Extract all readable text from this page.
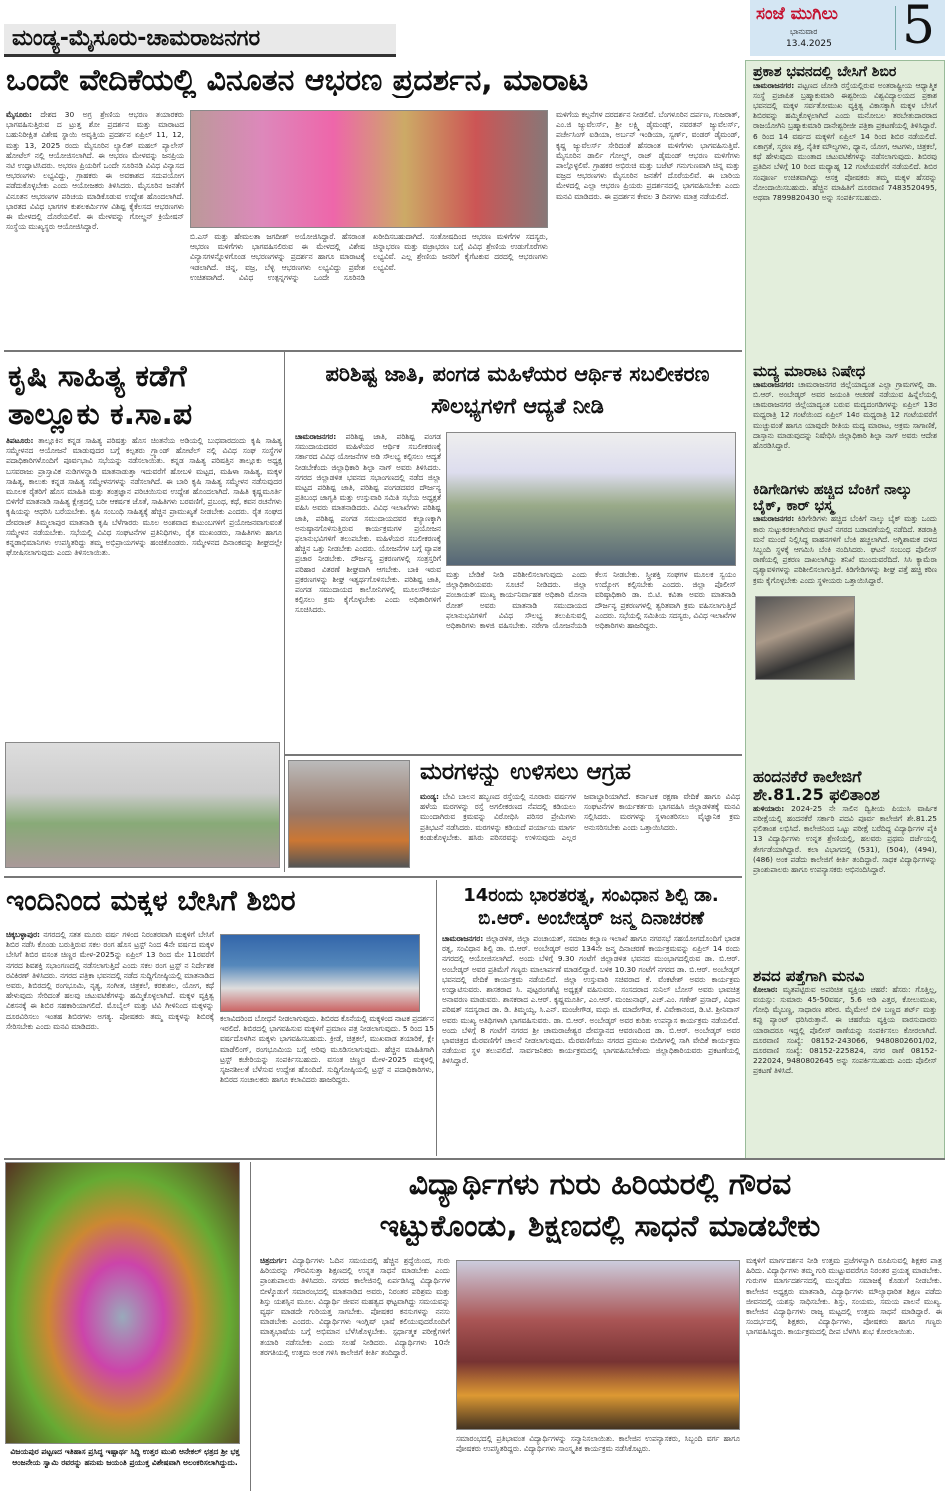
ಮಂಡ್ಯ-ಮೈಸೂರು-ಚಾಮರಾಜನಗರ
ಸಂಜೆ ಮುಗಿಲು
ಭಾನುವಾರ
13.4.2025 5
ಒಂದೇ ವೇದಿಕೆಯಲ್ಲಿ ವಿನೂತನ ಆಭರಣ ಪ್ರದರ್ಶನ, ಮಾರಾಟ
ಮೈಸೂರು: ದೇಶದ 30 ಅಗ್ರ ಶ್ರೇಣಿಯ ಆಭರಣ ತಯಾರಕರು ಭಾಗವಹಿಸುತ್ತಿರುವ ದ ಟ್ರುತ್ತ ಶೋ ಪ್ರದರ್ಶನ ಮತ್ತು ಮಾರಾಟದ ಬಹುನಿರೀಕ್ಷಿತ ವಿಶೇಷ ಸ್ಥಾಯಿ ಅವೃತ್ತಿಯ ಪ್ರದರ್ಶನ ಏಪ್ರಿಲ್ 11, 12, ಮತ್ತು 13, 2025 ರಂದು ಮೈಸೂರಿನ ಲ್ಯಾಲಿತ್ ಮಹಲ್ ಪ್ಯಾಲೇಸ್ ಹೋಟೆಲ್ ನಲ್ಲಿ ಆಯೋಜಿಸಲಾಗಿದೆ. ಈ ಆಭರಣ ಮೇಳವನ್ನು ಜನಪ್ರಿಯ ನಟಿ ಉದ್ಘಾಟಿಸಿದರು. ಅಭರಣ ಪ್ರಿಯರಿಗೆ ಒಂದೇ ಸೂರಿನಡಿ ವಿವಿಧ ವಿನ್ಯಾಸದ ಆಭರಣಗಳು ಲಭ್ಯವಿದ್ದು, ಗ್ರಾಹಕರು ಈ ಅವಕಾಶದ ಸದುಪಯೋಗ ಪಡೆದುಕೊಳ್ಳಬೇಕು ಎಂದು ಆಯೋಜಕರು ತಿಳಿಸಿದರು. ಮೈಸೂರಿನ ಜನತೆಗೆ ವಿನೂತನ ಆಭರಣಗಳ ಪರಿಚಯ ಮಾಡಿಕೊಡುವ ಉದ್ದೇಶ ಹೊಂದಲಾಗಿದೆ. ಭಾರತದ ವಿವಿಧ ಭಾಗಗಳ ಕುಶಲಕರ್ಮಿಗಳ ವಿಶಿಷ್ಟ ಕೈಕೆಲಸದ ಆಭರಣಗಳು ಈ ಮೇಳದಲ್ಲಿ ದೊರೆಯಲಿವೆ. ಈ ಮೇಳವನ್ನು ಗೋಲ್ಡನ್ ಕ್ರಿಯೇಷನ್ ಸಂಸ್ಥೆಯ ಮುಖ್ಯಸ್ಥರು ಆಯೋಜಿಸಿದ್ದಾರೆ.
ಬಿ.ಎಸ್ ಮತ್ತು ಹೇಮಲತಾ ಜಗದೀಶ್ ಅಯೋಜಿಸಿದ್ದಾರೆ. ಹೆಸರಾಂತ ಆಭರಣ ಮಳಿಗೆಗಳು ಭಾಗವಹಿಸಲಿರುವ ಈ ಮೇಳದಲ್ಲಿ ವಿಶೇಷ ವಿನ್ಯಾಸಗಳನ್ನೊಳಗೊಂಡ ಆಭರಣಗಳನ್ನು ಪ್ರದರ್ಶನ ಹಾಗೂ ಮಾರಾಟಕ್ಕೆ ಇಡಲಾಗಿದೆ. ಚಿನ್ನ, ವಜ್ರ, ಬೆಳ್ಳಿ ಆಭರಣಗಳು ಲಭ್ಯವಿದ್ದು ಪ್ರವೇಶ ಉಚಿತವಾಗಿದೆ. ವಿವಿಧ ಉತ್ಪನ್ನಗಳನ್ನು ಒಂದೇ ಸೂರಿನಡಿ ಖರೀದಿಸಬಹುದಾಗಿದೆ. ಸಂತೋಷದಿಂದ ಆಭರಣ ಮಳಿಗೆಗಳ ಸದಸ್ಯರು, ಚಿನ್ನಾಭರಣ ಮತ್ತು ವಜ್ರಾಭರಣ ಬಗ್ಗೆ ವಿವಿಧ ಶ್ರೇಣಿಯ ಉಡುಗೊರೆಗಳು ಲಭ್ಯವಿವೆ. ಎಲ್ಲ ಶ್ರೇಣಿಯ ಜನರಿಗೆ ಕೈಗೆಟಕುವ ದರದಲ್ಲಿ ಆಭರಣಗಳು ಲಭ್ಯವಿವೆ.
ಮಳಿಗೆಯ ಕಲ್ಪನೆಗಳ ದರದರ್ಶನ ನೀಡಲಿವೆ. ಬೆಂಗಳೂರಿನ ದರ್ಪಣ, ಗುಜರಾತ್, ಎಂ.ಜಿ ಜ್ಯುವೆಲರ್ಸ್, ಶ್ರೀ ಲಕ್ಷ್ಮಿ ಡೈಮಂಡ್ಸ್, ನವರತನ್ ಜ್ಯುವೆಲರ್ಸ್, ಪರ್ಚೇಸಿಂಗ್ ಐಡಿಯಾ, ಅರ್ಬನ್ ಇಂಡಿಯಾ, ಸ್ವರ್ಣ್, ವಂಡರ್ ಡೈಮಂಡ್, ಕೃಷ್ಣ ಜ್ಯುವೆಲರ್ಸ್ ಸೇರಿದಂತೆ ಹೆಸರಾಂತ ಮಳಿಗೆಗಳು ಭಾಗವಹಿಸುತ್ತಿವೆ. ಮೈಸೂರಿನ ಡಾರ್ಲಿ ಗೋಲ್ಡ್, ರಾಜ್ ಡೈಮಂಡ್ ಆಭರಣ ಮಳಿಗೆಗಳು ಪಾಲ್ಗೊಳ್ಳಲಿವೆ. ಗ್ರಾಹಕರ ಅಭಿರುಚಿ ಮತ್ತು ಬಜೆಟ್ ಗನುಗುಣವಾಗಿ ಚಿನ್ನ ಮತ್ತು ವಜ್ರದ ಆಭರಣಗಳು ಮೈಸೂರಿನ ಜನತೆಗೆ ದೊರೆಯಲಿವೆ. ಈ ಬಾರಿಯ ಮೇಳದಲ್ಲಿ ಎಲ್ಲಾ ಆಭರಣ ಪ್ರಿಯರು ಪ್ರದರ್ಶನದಲ್ಲಿ ಭಾಗವಹಿಸಬೇಕು ಎಂದು ಮನವಿ ಮಾಡಿದರು. ಈ ಪ್ರದರ್ಶನ ಕೇವಲ 3 ದಿನಗಳು ಮಾತ್ರ ನಡೆಯಲಿದೆ.
ಪ್ರಕಾಶ ಭವನದಲ್ಲಿ ಬೇಸಿಗೆ ಶಿಬಿರ
ಚಾಮರಾಜನಗರ: ಪಟ್ಟಣದ ಜೋಡಿ ರಸ್ತೆಯಲ್ಲಿರುವ ಅಂತರಾಷ್ಟ್ರೀಯ ಆಧ್ಯಾತ್ಮಿಕ ಸಂಸ್ಥೆ ಪ್ರಜಾಪಿತ ಬ್ರಹ್ಮಾಕುಮಾರಿ ಈಶ್ವರೀಯ ವಿಶ್ವವಿದ್ಯಾಲಯದ ಪ್ರಕಾಶ ಭವನದಲ್ಲಿ ಮಕ್ಕಳ ಸರ್ವತೋಮುಖ ವ್ಯಕ್ತಿತ್ವ ವಿಕಾಸಕ್ಕಾಗಿ ಮಕ್ಕಳ ಬೇಸಿಗೆ ಶಿಬಿರವನ್ನು ಹಮ್ಮಿಕೊಳ್ಳಲಾಗಿದೆ ಎಂದು ಮನೋಬಲ ತರಬೇತುದಾರರಾದ ರಾಜಯೋಗಿನಿ ಬ್ರಹ್ಮಾಕುಮಾರಿ ದಾನೇಶ್ವರೀಜೀ ಪತ್ರಿಕಾ ಪ್ರಕಟಣೆಯಲ್ಲಿ ತಿಳಿಸಿದ್ದಾರೆ. 6 ರಿಂದ 14 ವರ್ಷದ ಮಕ್ಕಳಿಗೆ ಏಪ್ರಿಲ್ 14 ರಿಂದ ಶಿಬಿರ ನಡೆಯಲಿದೆ. ಏಕಾಗ್ರತೆ, ಸ್ಮರಣ ಶಕ್ತಿ, ನೈತಿಕ ಮೌಲ್ಯಗಳು, ಧ್ಯಾನ, ಯೋಗ, ಆಟಗಳು, ಚಿತ್ರಕಲೆ, ಕಥೆ ಹೇಳುವುದು ಮುಂತಾದ ಚಟುವಟಿಕೆಗಳನ್ನು ನಡೆಸಲಾಗುವುದು. ಶಿಬಿರವು ಪ್ರತಿದಿನ ಬೆಳಿಗ್ಗೆ 10 ರಿಂದ ಮಧ್ಯಾಹ್ನ 12 ಗಂಟೆಯವರೆಗೆ ನಡೆಯಲಿದೆ. ಶಿಬಿರ ಸಂಪೂರ್ಣ ಉಚಿತವಾಗಿದ್ದು ಆಸಕ್ತ ಪೋಷಕರು ತಮ್ಮ ಮಕ್ಕಳ ಹೆಸರನ್ನು ನೋಂದಾಯಿಸಬಹುದು. ಹೆಚ್ಚಿನ ಮಾಹಿತಿಗೆ ದೂರವಾಣಿ 7483520495, ಅಥವಾ 7899820430 ಅನ್ನು ಸಂಪರ್ಕಿಸಬಹುದು.
ಮದ್ಯ ಮಾರಾಟ ನಿಷೇಧ
ಚಾಮರಾಜನಗರ: ಚಾಮರಾಜನಗರ ಜಿಲ್ಲೆಯಾದ್ಯಂತ ಎಲ್ಲಾ ಗ್ರಾಮಗಳಲ್ಲಿ ಡಾ. ಬಿ.ಆರ್. ಅಂಬೇಡ್ಕರ್ ಅವರ ಜಯಂತಿ ಆಚರಣೆ ನಡೆಯುವ ಹಿನ್ನೆಲೆಯಲ್ಲಿ ಚಾಮರಾಜನಗರ ಜಿಲ್ಲೆಯಾದ್ಯಂತ ಬರುವ ಮದ್ಯದಂಗಡಿಗಳನ್ನು ಏಪ್ರಿಲ್ 13ರ ಮಧ್ಯರಾತ್ರಿ 12 ಗಂಟೆಯಿಂದ ಏಪ್ರಿಲ್ 14ರ ಮಧ್ಯರಾತ್ರಿ 12 ಗಂಟೆಯವರೆಗೆ ಮುಚ್ಚುವಂತೆ ಹಾಗೂ ಯಾವುದೇ ರೀತಿಯ ಮದ್ಯ ಮಾರಾಟ, ಅಕ್ರಮ ಸಾಗಾಣಿಕೆ, ದಾಸ್ತಾನು ಮಾಡುವುದನ್ನು ನಿಷೇಧಿಸಿ ಜಿಲ್ಲಾಧಿಕಾರಿ ಶಿಲ್ಪಾ ನಾಗ್ ಅವರು ಆದೇಶ ಹೊರಡಿಸಿದ್ದಾರೆ.
ಕಿಡಿಗೇಡಿಗಳು ಹಚ್ಚಿದ ಬೆಂಕಿಗೆ ನಾಲ್ಕು ಬೈಕ್, ಕಾರ್ ಭಸ್ಮ
ಚಾಮರಾಜನಗರ: ಕಿಡಿಗೇಡಿಗಳು ಹಚ್ಚಿದ ಬೆಂಕಿಗೆ ನಾಲ್ಕು ಬೈಕ್ ಮತ್ತು ಒಂದು ಕಾರು ಸುಟ್ಟುಕರಕಲಾಗಿರುವ ಘಟನೆ ನಗರದ ಬಡಾವಣೆಯಲ್ಲಿ ನಡೆದಿದೆ. ತಡರಾತ್ರಿ ಮನೆ ಮುಂದೆ ನಿಲ್ಲಿಸಿದ್ದ ವಾಹನಗಳಿಗೆ ಬೆಂಕಿ ಹಚ್ಚಲಾಗಿದೆ. ಅಗ್ನಿಶಾಮಕ ದಳದ ಸಿಬ್ಬಂದಿ ಸ್ಥಳಕ್ಕೆ ಆಗಮಿಸಿ ಬೆಂಕಿ ನಂದಿಸಿದರು. ಘಟನೆ ಸಂಬಂಧ ಪೊಲೀಸ್ ಠಾಣೆಯಲ್ಲಿ ಪ್ರಕರಣ ದಾಖಲಾಗಿದ್ದು ತನಿಖೆ ಮುಂದುವರೆದಿದೆ. ಸಿಸಿ ಕ್ಯಾಮೆರಾ ದೃಶ್ಯಾವಳಿಗಳನ್ನು ಪರಿಶೀಲಿಸಲಾಗುತ್ತಿದೆ. ಕಿಡಿಗೇಡಿಗಳನ್ನು ಶೀಘ್ರ ಪತ್ತೆ ಹಚ್ಚಿ ಕಠಿಣ ಕ್ರಮ ಕೈಗೊಳ್ಳಬೇಕು ಎಂದು ಸ್ಥಳೀಯರು ಒತ್ತಾಯಿಸಿದ್ದಾರೆ.
ಹಂದನಕೆರೆ ಕಾಲೇಜಿಗೆ ಶೇ.81.25 ಫಲಿತಾಂಶ
ಹುಳಿಯಾರು: 2024-25 ನೇ ಸಾಲಿನ ದ್ವಿತೀಯ ಪಿಯುಸಿ ವಾರ್ಷಿಕ ಪರೀಕ್ಷೆಯಲ್ಲಿ ಹಂದನಕೆರೆ ಸರ್ಕಾರಿ ಪದವಿ ಪೂರ್ವ ಕಾಲೇಜಿಗೆ ಶೇ.81.25 ಫಲಿತಾಂಶ ಲಭಿಸಿದೆ. ಕಾಲೇಜಿನಿಂದ ಒಟ್ಟು ಪರೀಕ್ಷೆ ಬರೆದಿದ್ದ ವಿದ್ಯಾರ್ಥಿಗಳ ಪೈಕಿ 13 ವಿದ್ಯಾರ್ಥಿಗಳು ಉನ್ನತ ಶ್ರೇಣಿಯಲ್ಲಿ, ಹಲವರು ಪ್ರಥಮ ದರ್ಜೆಯಲ್ಲಿ ತೇರ್ಗಡೆಯಾಗಿದ್ದಾರೆ. ಕಲಾ ವಿಭಾಗದಲ್ಲಿ (531), (504), (494), (486) ಅಂಕ ಪಡೆದು ಕಾಲೇಜಿಗೆ ಕೀರ್ತಿ ತಂದಿದ್ದಾರೆ. ಸಾಧಕ ವಿದ್ಯಾರ್ಥಿಗಳನ್ನು ಪ್ರಾಂಶುಪಾಲರು ಹಾಗೂ ಉಪನ್ಯಾಸಕರು ಅಭಿನಂದಿಸಿದ್ದಾರೆ.
ಶವದ ಪತ್ತೆಗಾಗಿ ಮನವಿ
ಕೋಲಾರ: ಮೃತಪಟ್ಟಿರುವ ಅಪರಿಚಿತ ವ್ಯಕ್ತಿಯ ಚಹರೆ: ಹೆಸರು: ಗೊತ್ತಿಲ್ಲ, ವಯಸ್ಸು: ಸುಮಾರು 45-50ವರ್ಷ, 5.6 ಅಡಿ ಎತ್ತರ, ಕೋಲುಮುಖ, ಗೋಧಿ ಮೈಬಣ್ಣ, ಸಾಧಾರಣ ಶರೀರ. ಮೈಮೇಲೆ ಬಿಳಿ ಬಣ್ಣದ ಶರ್ಟ್ ಮತ್ತು ಕಪ್ಪು ಪ್ಯಾಂಟ್ ಧರಿಸಿರುತ್ತಾನೆ. ಈ ಚಹರೆಯ ವ್ಯಕ್ತಿಯ ವಾರಸುದಾರರು ಯಾರಾದರೂ ಇದ್ದಲ್ಲಿ ಪೊಲೀಸ್ ಠಾಣೆಯನ್ನು ಸಂಪರ್ಕಿಸಲು ಕೋರಲಾಗಿದೆ. ದೂರವಾಣಿ ಸಂಖ್ಯೆ: 08152-243066, 9480802601/02, ದೂರವಾಣಿ ಸಂಖ್ಯೆ: 08152-225824, ನಗರ ಠಾಣೆ 08152-222024, 9480802645 ಅನ್ನು ಸಂಪರ್ಕಿಸಬಹುದು ಎಂದು ಪೊಲೀಸ್ ಪ್ರಕಟಣೆ ತಿಳಿಸಿದೆ.
ಕೃಷಿ ಸಾಹಿತ್ಯ ಕಡೆಗೆ ತಾಲ್ಲೂಕು ಕ.ಸಾ.ಪ
ತಿಪಟೂರು: ತಾಲ್ಲೂಕಿನ ಕನ್ನಡ ಸಾಹಿತ್ಯ ಪರಿಷತ್ತು ಹೊಸ ಚಿಂತನೆಯ ಅಡಿಯಲ್ಲಿ ಬುಧವಾರದಂದು ಕೃಷಿ ಸಾಹಿತ್ಯ ಸಮ್ಮೇಳನದ ಆಯೋಜನೆ ಮಾಡುವುದರ ಬಗ್ಗೆ ಕಲ್ಪತರು ಗ್ರ್ಯಾಂಡ್ ಹೋಟೆಲ್ ನಲ್ಲಿ ವಿವಿಧ ಸಂಘ ಸಂಸ್ಥೆಗಳ ಪದಾಧಿಕಾರಿಗಳೊಂದಿಗೆ ಪೂರ್ವಭಾವಿ ಸಭೆಯನ್ನು ನಡೆಸಲಾಯಿತು. ಕನ್ನಡ ಸಾಹಿತ್ಯ ಪರಿಷತ್ತಿನ ತಾಲ್ಲೂಕು ಅಧ್ಯಕ್ಷ ಬಸವರಾಜು ಪ್ರಾಸ್ತಾವಿಕ ನುಡಿಗಳನ್ನಾಡಿ ಮಾತನಾಡುತ್ತಾ ಇದುವರೆಗೆ ಹೋಬಳಿ ಮಟ್ಟದ, ಮಹಿಳಾ ಸಾಹಿತ್ಯ, ಮಕ್ಕಳ ಸಾಹಿತ್ಯ, ಕಾಲುಕು ಕನ್ನಡ ಸಾಹಿತ್ಯ ಸಮ್ಮೇಳನಗಳನ್ನು ನಡೆಸಲಾಗಿದೆ. ಈ ಬಾರಿ ಕೃಷಿ ಸಾಹಿತ್ಯ ಸಮ್ಮೇಳನ ನಡೆಸುವುದರ ಮೂಲಕ ರೈತರಿಗೆ ಹೊಸ ಮಾಹಿತಿ ಮತ್ತು ತಂತ್ರಜ್ಞಾನ ಪರಿಚಯಿಸುವ ಉದ್ದೇಶ ಹೊಂದಲಾಗಿದೆ. ಸಾಹಿತಿ ಕೃಷ್ಣಮೂರ್ತಿ ಬಿಳಿಗೆರೆ ಮಾತನಾಡಿ ಸಾಹಿತ್ಯ ಕ್ಷೇತ್ರದಲ್ಲಿ ಬರೀ ಆಕರ್ಷಕ ಜೊತೆ, ಸಾಹಿತಿಗಳು ಬರವಣಿಗೆ, ಪ್ರಬಂಧ, ಕಥೆ, ಕವನ ರಚನೆಗಳು ಕೃಷಿಯನ್ನು ಆಧರಿಸಿ ಬರೆಯಬೇಕು. ಕೃಷಿ ಸಂಬಂಧಿ ಸಾಹಿತ್ಯಕ್ಕೆ ಹೆಚ್ಚಿನ ಪ್ರಾಮುಖ್ಯತೆ ನೀಡಬೇಕು ಎಂದರು. ರೈತ ಸಂಘದ ದೇವರಾಜ್ ತಿಮ್ಮಲಾಪುರ ಮಾತನಾಡಿ ಕೃಷಿ ಬೆಳೆಗಾರರು ಮೂಲ ಅಂಶವಾದ ಕುಟುಂಬಗಳಿಗೆ ಪ್ರಯೋಜನವಾಗುವಂತೆ ಸಮ್ಮೇಳನ ನಡೆಯಬೇಕು. ಸಭೆಯಲ್ಲಿ ವಿವಿಧ ಸಂಘಟನೆಗಳ ಪ್ರತಿನಿಧಿಗಳು, ರೈತ ಮುಖಂಡರು, ಸಾಹಿತಿಗಳು ಹಾಗೂ ಕನ್ನಡಾಭಿಮಾನಿಗಳು ಉಪಸ್ಥಿತರಿದ್ದು ತಮ್ಮ ಅಭಿಪ್ರಾಯಗಳನ್ನು ಹಂಚಿಕೊಂಡರು. ಸಮ್ಮೇಳನದ ದಿನಾಂಕವನ್ನು ಶೀಘ್ರದಲ್ಲೇ ಘೋಷಿಸಲಾಗುವುದು ಎಂದು ತಿಳಿಸಲಾಯಿತು.
ಪರಿಶಿಷ್ಟ ಜಾತಿ, ಪಂಗಡ ಮಹಿಳೆಯರ ಆರ್ಥಿಕ ಸಬಲೀಕರಣ ಸೌಲಭ್ಯಗಳಿಗೆ ಆದ್ಯತೆ ನೀಡಿ
ಚಾಮರಾಜನಗರ: ಪರಿಶಿಷ್ಟ ಜಾತಿ, ಪರಿಶಿಷ್ಟ ಪಂಗಡ ಸಮುದಾಯದವರ ಮಹಿಳೆಯರ ಆರ್ಥಿಕ ಸಬಲೀಕರಣಕ್ಕೆ ಸರ್ಕಾರದ ವಿವಿಧ ಯೋಜನೆಗಳ ಅಡಿ ಸೌಲಭ್ಯ ಕಲ್ಪಿಸಲು ಆದ್ಯತೆ ನೀಡಬೇಕೆಂದು ಜಿಲ್ಲಾಧಿಕಾರಿ ಶಿಲ್ಪಾ ನಾಗ್ ಅವರು ತಿಳಿಸಿದರು. ನಗರದ ಜಿಲ್ಲಾಡಳಿತ ಭವನದ ಸಭಾಂಗಣದಲ್ಲಿ ನಡೆದ ಜಿಲ್ಲಾ ಮಟ್ಟದ ಪರಿಶಿಷ್ಟ ಜಾತಿ, ಪರಿಶಿಷ್ಟ ಪಂಗಡದವರ ದೌರ್ಜನ್ಯ ಪ್ರತಿಬಂಧ ಜಾಗೃತಿ ಮತ್ತು ಉಸ್ತುವಾರಿ ಸಮಿತಿ ಸಭೆಯ ಅಧ್ಯಕ್ಷತೆ ವಹಿಸಿ ಅವರು ಮಾತನಾಡಿದರು. ವಿವಿಧ ಇಲಾಖೆಗಳು ಪರಿಶಿಷ್ಟ ಜಾತಿ, ಪರಿಶಿಷ್ಟ ಪಂಗಡ ಸಮುದಾಯದವರ ಕಲ್ಯಾಣಕ್ಕಾಗಿ ಅನುಷ್ಠಾನಗೊಳಿಸುತ್ತಿರುವ ಕಾರ್ಯಕ್ರಮಗಳ ಪ್ರಯೋಜನ ಫಲಾನುಭವಿಗಳಿಗೆ ತಲುಪಬೇಕು. ಮಹಿಳೆಯರ ಸಬಲೀಕರಣಕ್ಕೆ ಹೆಚ್ಚಿನ ಒತ್ತು ನೀಡಬೇಕು ಎಂದರು. ಯೋಜನೆಗಳ ಬಗ್ಗೆ ವ್ಯಾಪಕ ಪ್ರಚಾರ ನೀಡಬೇಕು. ದೌರ್ಜನ್ಯ ಪ್ರಕರಣಗಳಲ್ಲಿ ಸಂತ್ರಸ್ತರಿಗೆ ಪರಿಹಾರ ವಿತರಣೆ ಶೀಘ್ರವಾಗಿ ಆಗಬೇಕು. ಬಾಕಿ ಇರುವ ಪ್ರಕರಣಗಳನ್ನು ಶೀಘ್ರ ಇತ್ಯರ್ಥಗೊಳಿಸಬೇಕು. ಪರಿಶಿಷ್ಟ ಜಾತಿ, ಪಂಗಡ ಸಮುದಾಯದ ಕಾಲೋನಿಗಳಲ್ಲಿ ಮೂಲಸೌಕರ್ಯ ಕಲ್ಪಿಸಲು ಕ್ರಮ ಕೈಗೊಳ್ಳಬೇಕು ಎಂದು ಅಧಿಕಾರಿಗಳಿಗೆ ಸೂಚಿಸಿದರು.
ಮತ್ತು ಬೇಡಿಕೆ ನೀಡಿ ಪರಿಶೀಲಿಸಲಾಗುವುದು ಎಂದು ಜಿಲ್ಲಾಧಿಕಾರಿಯವರು ಸೂಚನೆ ನೀಡಿದರು. ಜಿಲ್ಲಾ ಪಂಚಾಯತ್ ಮುಖ್ಯ ಕಾರ್ಯನಿರ್ವಾಹಕ ಅಧಿಕಾರಿ ಮೋನಾ ರೋತ್ ಅವರು ಮಾತನಾಡಿ ಸಮುದಾಯದ ಫಲಾನುಭವಿಗಳಿಗೆ ವಿವಿಧ ಸೌಲಭ್ಯ ತಲುಪಿಸುವಲ್ಲಿ ಅಧಿಕಾರಿಗಳು ಕಾಳಜಿ ವಹಿಸಬೇಕು. ನರೇಗಾ ಯೋಜನೆಯಡಿ ಕೆಲಸ ನೀಡಬೇಕು. ಸ್ತ್ರೀಶಕ್ತಿ ಸಂಘಗಳ ಮೂಲಕ ಸ್ವಯಂ ಉದ್ಯೋಗ ಕಲ್ಪಿಸಬೇಕು ಎಂದರು. ಜಿಲ್ಲಾ ಪೊಲೀಸ್ ವರಿಷ್ಠಾಧಿಕಾರಿ ಡಾ. ಬಿ.ಟಿ. ಕವಿತಾ ಅವರು ಮಾತನಾಡಿ ದೌರ್ಜನ್ಯ ಪ್ರಕರಣಗಳಲ್ಲಿ ತ್ವರಿತವಾಗಿ ಕ್ರಮ ವಹಿಸಲಾಗುತ್ತಿದೆ ಎಂದರು. ಸಭೆಯಲ್ಲಿ ಸಮಿತಿಯ ಸದಸ್ಯರು, ವಿವಿಧ ಇಲಾಖೆಗಳ ಅಧಿಕಾರಿಗಳು ಹಾಜರಿದ್ದರು.
ಮರಗಳನ್ನು ಉಳಿಸಲು ಆಗ್ರಹ
ಮಂಡ್ಯ: ಬೇವಿ ಬಾಲನ ಹಬ್ಬಣದ ರಸ್ತೆಯಲ್ಲಿ ನೂರಾರು ವರ್ಷಗಳ ಹಳೆಯ ಮರಗಳನ್ನು ರಸ್ತೆ ಅಗಲೀಕರಣದ ನೆಪದಲ್ಲಿ ಕಡಿಯಲು ಮುಂದಾಗಿರುವ ಕ್ರಮವನ್ನು ವಿರೋಧಿಸಿ ಪರಿಸರ ಪ್ರೇಮಿಗಳು ಪ್ರತಿಭಟನೆ ನಡೆಸಿದರು. ಮರಗಳನ್ನು ಕಡಿಯದೆ ಪರ್ಯಾಯ ಮಾರ್ಗ ಕಂಡುಕೊಳ್ಳಬೇಕು. ಹಸಿರು ಪರಿಸರವನ್ನು ಉಳಿಸುವುದು ಎಲ್ಲರ ಜವಾಬ್ದಾರಿಯಾಗಿದೆ. ಕರ್ನಾಟಕ ರಕ್ಷಣಾ ವೇದಿಕೆ ಹಾಗೂ ವಿವಿಧ ಸಂಘಟನೆಗಳ ಕಾರ್ಯಕರ್ತರು ಭಾಗವಹಿಸಿ ಜಿಲ್ಲಾಡಳಿತಕ್ಕೆ ಮನವಿ ಸಲ್ಲಿಸಿದರು. ಮರಗಳನ್ನು ಸ್ಥಳಾಂತರಿಸಲು ವೈಜ್ಞಾನಿಕ ಕ್ರಮ ಅನುಸರಿಸಬೇಕು ಎಂದು ಒತ್ತಾಯಿಸಿದರು.
ಇಂದಿನಿಂದ ಮಕ್ಕಳ ಬೇಸಿಗೆ ಶಿಬಿರ
ಚಿಕ್ಕಬಳ್ಳಾಪುರ: ನಗರದಲ್ಲಿ ಸತತ ಮೂರು ವರ್ಷ ಗಳಿಂದ ನಿರಂತರವಾಗಿ ಮಕ್ಕಳಿಗೆ ಬೇಸಿಗೆ ಶಿಬಿರ ನಡೆಸಿ ಕೊಂಡು ಬರುತ್ತಿರುವ ಸಕಲ ರಂಗ ಹೊಸ ಟ್ರಸ್ಟ್ ನಿಂದ 4ನೇ ವರ್ಷದ ಮಕ್ಕಳ ಬೇಸಿಗೆ ಶಿಬಿರ ವಸಂತ ಚಿಣ್ಣರ ಮೇಳ-2025ನ್ನು ಏಪ್ರಿಲ್ 13 ರಿಂದ ಮೇ 11ರವರೆಗೆ ನಗರದ ಶಿವಶಕ್ತಿ ಸಭಾಂಗಣದಲ್ಲಿ ನಡೆಸಲಾಗುತ್ತಿದೆ ಎಂದು ಸಕಲ ರಂಗ ಟ್ರಸ್ಟ್ ನ ನಿರ್ದೇಶಕ ರವಿಕಿರಣ್ ತಿಳಿಸಿದರು. ನಗರದ ಪತ್ರಿಕಾ ಭವನದಲ್ಲಿ ನಡೆದ ಸುದ್ದಿಗೋಷ್ಠಿಯಲ್ಲಿ ಮಾತನಾಡಿದ ಅವರು, ಶಿಬಿರದಲ್ಲಿ ರಂಗಭೂಮಿ, ನೃತ್ಯ, ಸಂಗೀತ, ಚಿತ್ರಕಲೆ, ಕರಕುಶಲ, ಯೋಗ, ಕಥೆ ಹೇಳುವುದು ಸೇರಿದಂತೆ ಹಲವು ಚಟುವಟಿಕೆಗಳನ್ನು ಹಮ್ಮಿಕೊಳ್ಳಲಾಗಿದೆ. ಮಕ್ಕಳ ವ್ಯಕ್ತಿತ್ವ ವಿಕಸನಕ್ಕೆ ಈ ಶಿಬಿರ ಸಹಕಾರಿಯಾಗಲಿದೆ. ಮೊಬೈಲ್ ಮತ್ತು ಟಿವಿ ಗೀಳಿನಿಂದ ಮಕ್ಕಳನ್ನು ದೂರವಿರಿಸಲು ಇಂತಹ ಶಿಬಿರಗಳು ಅಗತ್ಯ. ಪೋಷಕರು ತಮ್ಮ ಮಕ್ಕಳನ್ನು ಶಿಬಿರಕ್ಕೆ ಸೇರಿಸಬೇಕು ಎಂದು ಮನವಿ ಮಾಡಿದರು.
ಕಲಾವಿದರಿಂದ ಬೋಧನೆ ನೀಡಲಾಗುವುದು. ಶಿಬಿರದ ಕೊನೆಯಲ್ಲಿ ಮಕ್ಕಳಿಂದ ನಾಟಕ ಪ್ರದರ್ಶನ ಇರಲಿದೆ. ಶಿಬಿರದಲ್ಲಿ ಭಾಗವಹಿಸುವ ಮಕ್ಕಳಿಗೆ ಪ್ರಮಾಣ ಪತ್ರ ನೀಡಲಾಗುವುದು. 5 ರಿಂದ 15 ವರ್ಷದೊಳಗಿನ ಮಕ್ಕಳು ಭಾಗವಹಿಸಬಹುದು. ಕ್ರೀಡೆ, ಚಿತ್ರಕಲೆ, ಮುಖವಾಡ ತಯಾರಿಕೆ, ಕ್ಲೇ ಮಾಡೆಲಿಂಗ್, ರಂಗಭೂಮಿಯ ಬಗ್ಗೆ ಅರಿವು ಮೂಡಿಸಲಾಗುವುದು. ಹೆಚ್ಚಿನ ಮಾಹಿತಿಗಾಗಿ ಟ್ರಸ್ಟ್ ಕಚೇರಿಯನ್ನು ಸಂಪರ್ಕಿಸಬಹುದು. ವಸಂತ ಚಿಣ್ಣರ ಮೇಳ-2025 ಮಕ್ಕಳಲ್ಲಿ ಸೃಜನಶೀಲತೆ ಬೆಳೆಸುವ ಉದ್ದೇಶ ಹೊಂದಿದೆ. ಸುದ್ದಿಗೋಷ್ಠಿಯಲ್ಲಿ ಟ್ರಸ್ಟ್ ನ ಪದಾಧಿಕಾರಿಗಳು, ಶಿಬಿರದ ಸಂಚಾಲಕರು ಹಾಗೂ ಕಲಾವಿದರು ಹಾಜರಿದ್ದರು.
14ರಂದು ಭಾರತರತ್ನ, ಸಂವಿಧಾನ ಶಿಲ್ಪಿ ಡಾ. ಬಿ.ಆರ್. ಅಂಬೇಡ್ಕರ್ ಜನ್ಮ ದಿನಾಚರಣೆ
ಚಾಮರಾಜನಗರ: ಜಿಲ್ಲಾಡಳಿತ, ಜಿಲ್ಲಾ ಪಂಚಾಯತ್, ಸಮಾಜ ಕಲ್ಯಾಣ ಇಲಾಖೆ ಹಾಗೂ ನಗರಸಭೆ ಸಹಯೋಗದೊಂದಿಗೆ ಭಾರತ ರತ್ನ, ಸಂವಿಧಾನ ಶಿಲ್ಪಿ ಡಾ. ಬಿ.ಆರ್. ಅಂಬೇಡ್ಕರ್ ಅವರ 134ನೇ ಜನ್ಮ ದಿನಾಚರಣೆ ಕಾರ್ಯಕ್ರಮವನ್ನು ಏಪ್ರಿಲ್ 14 ರಂದು ನಗರದಲ್ಲಿ ಆಯೋಜಿಸಲಾಗಿದೆ. ಅಂದು ಬೆಳಿಗ್ಗೆ 9.30 ಗಂಟೆಗೆ ಜಿಲ್ಲಾಡಳಿತ ಭವನದ ಮುಂಭಾಗದಲ್ಲಿರುವ ಡಾ. ಬಿ.ಆರ್. ಅಂಬೇಡ್ಕರ್ ಅವರ ಪ್ರತಿಮೆಗೆ ಗಣ್ಯರು ಮಾಲಾರ್ಪಣೆ ಮಾಡಲಿದ್ದಾರೆ. ಬಳಿಕ 10.30 ಗಂಟೆಗೆ ನಗರದ ಡಾ. ಬಿ.ಆರ್. ಅಂಬೇಡ್ಕರ್ ಭವನದಲ್ಲಿ ವೇದಿಕೆ ಕಾರ್ಯಕ್ರಮ ನಡೆಯಲಿದೆ. ಜಿಲ್ಲಾ ಉಸ್ತುವಾರಿ ಸಚಿವರಾದ ಕೆ. ವೆಂಕಟೇಶ್ ಅವರು ಕಾರ್ಯಕ್ರಮ ಉದ್ಘಾಟಿಸುವರು. ಶಾಸಕರಾದ ಸಿ. ಪುಟ್ಟರಂಗಶೆಟ್ಟಿ ಅಧ್ಯಕ್ಷತೆ ವಹಿಸುವರು. ಸಂಸದರಾದ ಸುನಿಲ್ ಬೋಸ್ ಅವರು ಭಾವಚಿತ್ರ ಅನಾವರಣ ಮಾಡುವರು. ಶಾಸಕರಾದ ಎ.ಆರ್. ಕೃಷ್ಣಮೂರ್ತಿ, ಎಂ.ಆರ್. ಮಂಜುನಾಥ್, ಎಚ್.ಎಂ. ಗಣೇಶ್ ಪ್ರಸಾದ್, ವಿಧಾನ ಪರಿಷತ್ ಸದಸ್ಯರಾದ ಡಾ. ಡಿ. ತಿಮ್ಮಯ್ಯ, ಸಿ.ಎನ್. ಮಂಜೇಗೌಡ, ಮಧು ಜಿ. ಮಾದೇಗೌಡ, ಕೆ. ವಿವೇಕಾನಂದ, ಡಿ.ಟಿ. ಶ್ರೀನಿವಾಸ್ ಅವರು ಮುಖ್ಯ ಅತಿಥಿಗಳಾಗಿ ಭಾಗವಹಿಸುವರು. ಡಾ. ಬಿ.ಆರ್. ಅಂಬೇಡ್ಕರ್ ಅವರ ಕುರಿತು ಉಪನ್ಯಾಸ ಕಾರ್ಯಕ್ರಮ ನಡೆಯಲಿದೆ. ಅಂದು ಬೆಳಿಗ್ಗೆ 8 ಗಂಟೆಗೆ ನಗರದ ಶ್ರೀ ಚಾಮರಾಜೇಶ್ವರ ದೇವಸ್ಥಾನದ ಆವರಣದಿಂದ ಡಾ. ಬಿ.ಆರ್. ಅಂಬೇಡ್ಕರ್ ಅವರ ಭಾವಚಿತ್ರದ ಮೆರವಣಿಗೆಗೆ ಚಾಲನೆ ನೀಡಲಾಗುವುದು. ಮೆರವಣಿಗೆಯು ನಗರದ ಪ್ರಮುಖ ಬೀದಿಗಳಲ್ಲಿ ಸಾಗಿ ವೇದಿಕೆ ಕಾರ್ಯಕ್ರಮ ನಡೆಯುವ ಸ್ಥಳ ತಲುಪಲಿದೆ. ಸಾರ್ವಜನಿಕರು ಕಾರ್ಯಕ್ರಮದಲ್ಲಿ ಭಾಗವಹಿಸಬೇಕೆಂದು ಜಿಲ್ಲಾಧಿಕಾರಿಯವರು ಪ್ರಕಟಣೆಯಲ್ಲಿ ತಿಳಿಸಿದ್ದಾರೆ.
ವಿಜಯಪುರ ಪಟ್ಟಣದ ಇತಿಹಾಸ ಪ್ರಸಿದ್ಧ ಇಷ್ಟಾರ್ಥ ಸಿದ್ದಿ ಉತ್ತರ ಮುಖಿ ಆನೇಕಲ್ ಛತ್ರದ ಶ್ರೀ ಭಕ್ತ ಆಂಜನೇಯ ಸ್ವಾಮಿ ರವರನ್ನು ಹನುಮ ಜಯಂತಿ ಪ್ರಯುಕ್ತ ವಿಶೇಷವಾಗಿ ಅಲಂಕರಿಸಲಾಗಿದ್ದುದು.
ವಿದ್ಯಾರ್ಥಿಗಳು ಗುರು ಹಿರಿಯರಲ್ಲಿ ಗೌರವ
ಇಟ್ಟುಕೊಂಡು, ಶಿಕ್ಷಣದಲ್ಲಿ ಸಾಧನೆ ಮಾಡಬೇಕು
ಚಿತ್ರದುರ್ಗ: ವಿದ್ಯಾರ್ಥಿಗಳು ಓದಿನ ಸಮಯದಲ್ಲಿ ಹೆಚ್ಚಿನ ಶ್ರದ್ಧೆಯಿಂದ, ಗುರು ಹಿರಿಯರನ್ನು ಗೌರವಿಸುತ್ತಾ ಶಿಕ್ಷಣದಲ್ಲಿ ಉನ್ನತ ಸಾಧನೆ ಮಾಡಬೇಕು ಎಂದು ಪ್ರಾಂಶುಪಾಲರು ತಿಳಿಸಿದರು. ನಗರದ ಕಾಲೇಜಿನಲ್ಲಿ ಏರ್ಪಡಿಸಿದ್ದ ವಿದ್ಯಾರ್ಥಿಗಳ ಬೀಳ್ಕೊಡುಗೆ ಸಮಾರಂಭದಲ್ಲಿ ಮಾತನಾಡಿದ ಅವರು, ನಿರಂತರ ಪರಿಶ್ರಮ ಮತ್ತು ಶಿಸ್ತು ಯಶಸ್ಸಿನ ಮೂಲ. ವಿದ್ಯಾರ್ಥಿ ಜೀವನ ಮಹತ್ವದ ಘಟ್ಟವಾಗಿದ್ದು ಸಮಯವನ್ನು ವ್ಯರ್ಥ ಮಾಡದೇ ಗುರಿಯತ್ತ ಸಾಗಬೇಕು. ಪೋಷಕರ ಕನಸುಗಳನ್ನು ನನಸು ಮಾಡಬೇಕು ಎಂದರು. ವಿದ್ಯಾರ್ಥಿಗಳು ಇಂಗ್ಲಿಷ್ ಭಾಷೆ ಕಲಿಯುವುದರೊಂದಿಗೆ ಮಾತೃಭಾಷೆಯ ಬಗ್ಗೆ ಅಭಿಮಾನ ಬೆಳೆಸಿಕೊಳ್ಳಬೇಕು. ಸ್ಪರ್ಧಾತ್ಮಕ ಪರೀಕ್ಷೆಗಳಿಗೆ ತಯಾರಿ ನಡೆಸಬೇಕು ಎಂದು ಸಲಹೆ ನೀಡಿದರು. ವಿದ್ಯಾರ್ಥಿಗಳು 10ನೇ ತರಗತಿಯಲ್ಲಿ ಉತ್ತಮ ಅಂಕ ಗಳಿಸಿ ಕಾಲೇಜಿಗೆ ಕೀರ್ತಿ ತಂದಿದ್ದಾರೆ.
ಸಮಾರಂಭದಲ್ಲಿ ಪ್ರತಿಭಾವಂತ ವಿದ್ಯಾರ್ಥಿಗಳನ್ನು ಸನ್ಮಾನಿಸಲಾಯಿತು. ಕಾಲೇಜಿನ ಉಪನ್ಯಾಸಕರು, ಸಿಬ್ಬಂದಿ ವರ್ಗ ಹಾಗೂ ಪೋಷಕರು ಉಪಸ್ಥಿತರಿದ್ದರು. ವಿದ್ಯಾರ್ಥಿಗಳು ಸಾಂಸ್ಕೃತಿಕ ಕಾರ್ಯಕ್ರಮ ನಡೆಸಿಕೊಟ್ಟರು.
ಮಕ್ಕಳಿಗೆ ಮಾರ್ಗದರ್ಶನ ನೀಡಿ ಉತ್ತಮ ಪ್ರಜೆಗಳನ್ನಾಗಿ ರೂಪಿಸುವಲ್ಲಿ ಶಿಕ್ಷಕರ ಪಾತ್ರ ಹಿರಿದು. ವಿದ್ಯಾರ್ಥಿಗಳು ತಮ್ಮ ಗುರಿ ಮುಟ್ಟುವವರೆಗೂ ನಿರಂತರ ಪ್ರಯತ್ನ ಮಾಡಬೇಕು. ಗುರುಗಳ ಮಾರ್ಗದರ್ಶನದಲ್ಲಿ ಮುನ್ನಡೆದು ಸಮಾಜಕ್ಕೆ ಕೊಡುಗೆ ನೀಡಬೇಕು. ಕಾಲೇಜಿನ ಅಧ್ಯಕ್ಷರು ಮಾತನಾಡಿ, ವಿದ್ಯಾರ್ಥಿಗಳು ಮೌಲ್ಯಾಧಾರಿತ ಶಿಕ್ಷಣ ಪಡೆದು ಜೀವನದಲ್ಲಿ ಯಶಸ್ಸು ಸಾಧಿಸಬೇಕು. ಶಿಸ್ತು, ಸಂಯಮ, ಸಮಯ ಪಾಲನೆ ಮುಖ್ಯ. ಕಾಲೇಜಿನ ವಿದ್ಯಾರ್ಥಿಗಳು ರಾಜ್ಯ ಮಟ್ಟದಲ್ಲಿ ಉತ್ತಮ ಸಾಧನೆ ಮಾಡಿದ್ದಾರೆ. ಈ ಸಂದರ್ಭದಲ್ಲಿ ಶಿಕ್ಷಕರು, ವಿದ್ಯಾರ್ಥಿಗಳು, ಪೋಷಕರು ಹಾಗೂ ಗಣ್ಯರು ಭಾಗವಹಿಸಿದ್ದರು. ಕಾರ್ಯಕ್ರಮದಲ್ಲಿ ದೀಪ ಬೆಳಗಿಸಿ ಶುಭ ಕೋರಲಾಯಿತು.
